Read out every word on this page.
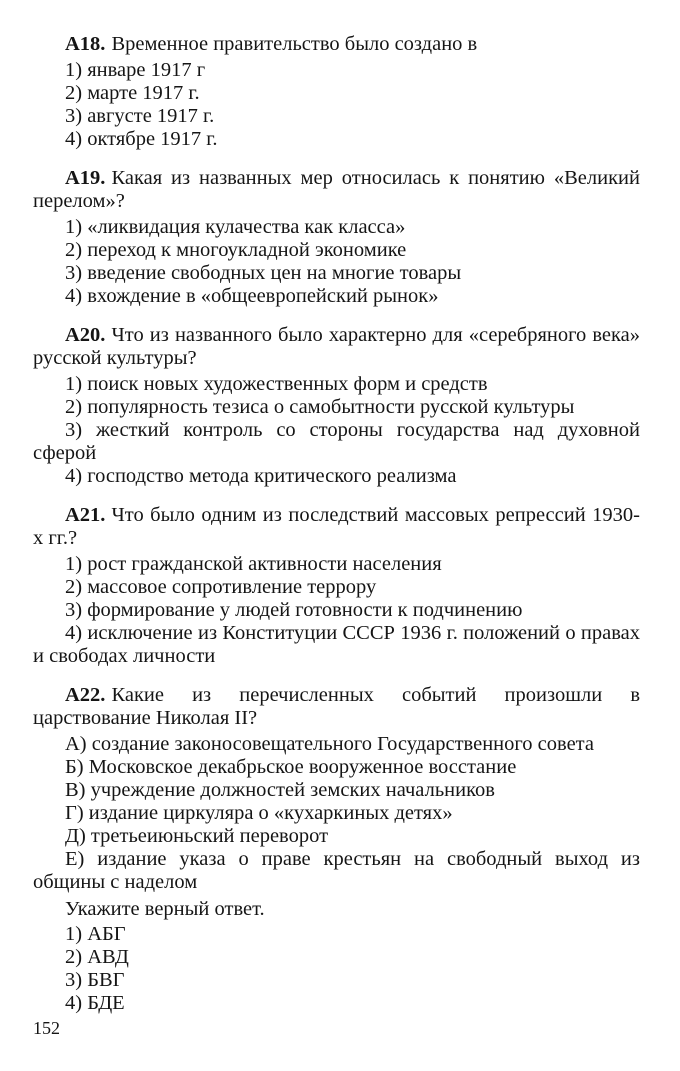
А18. Временное правительство было создано в

1) январе 1917 г

2) марте 1917 г.

3) августе 1917 г.

4) октябре 1917 г.

А19. Какая из названных мер относилась к понятию «Великий перелом»?

1) «ликвидация кулачества как класса»

2) переход к многоукладной экономике

3) введение свободных цен на многие товары

4) вхождение в «общеевропейский рынок»

А20. Что из названного было характерно для «серебряного века» русской культуры?

1) поиск новых художественных форм и средств

2) популярность тезиса о самобытности русской культуры

3) жесткий контроль со стороны государства над духовной сферой

4) господство метода критического реализма

А21. Что было одним из последствий массовых репрессий 1930-х гг.?

1) рост гражданской активности населения

2) массовое сопротивление террору

3) формирование у людей готовности к подчинению

4) исключение из Конституции СССР 1936 г. положений о правах и свободах личности

А22. Какие из перечисленных событий произошли в царствование Николая II?

А) создание законосовещательного Государственного совета

Б) Московское декабрьское вооруженное восстание

В) учреждение должностей земских начальников

Г) издание циркуляра о «кухаркиных детях»

Д) третьеиюньский переворот

Е) издание указа о праве крестьян на свободный выход из общины с наделом

Укажите верный ответ.

1) АБГ

2) АВД

3) БВГ

4) БДЕ

152
